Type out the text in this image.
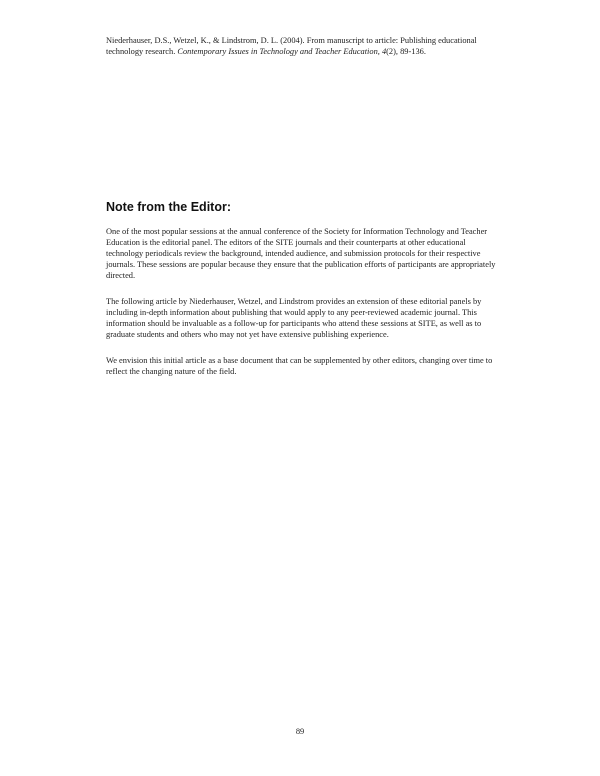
Niederhauser, D.S., Wetzel, K., & Lindstrom, D. L. (2004). From manuscript to article: Publishing educational technology research. Contemporary Issues in Technology and Teacher Education, 4(2), 89-136.
Note from the Editor:

One of the most popular sessions at the annual conference of the Society for Information Technology and Teacher Education is the editorial panel. The editors of the SITE journals and their counterparts at other educational technology periodicals review the background, intended audience, and submission protocols for their respective journals. These sessions are popular because they ensure that the publication efforts of participants are appropriately directed.

The following article by Niederhauser, Wetzel, and Lindstrom provides an extension of these editorial panels by including in-depth information about publishing that would apply to any peer-reviewed academic journal. This information should be invaluable as a follow-up for participants who attend these sessions at SITE, as well as to graduate students and others who may not yet have extensive publishing experience.

We envision this initial article as a base document that can be supplemented by other editors, changing over time to reflect the changing nature of the field.

89
